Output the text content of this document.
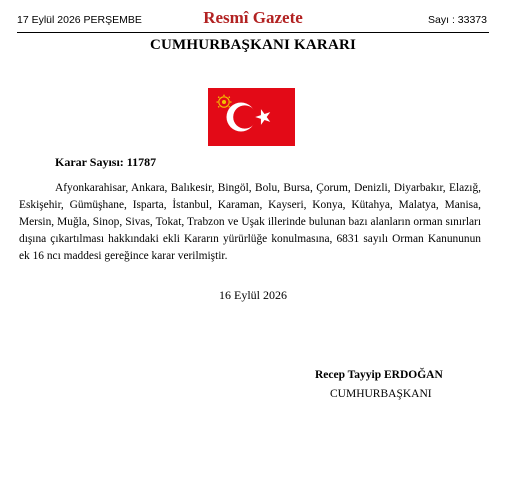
17 Eylül 2026 PERŞEMBE	Resmî Gazete	Sayı : 33373
CUMHURBAŞKANI KARARI
Karar Sayısı: 11787

Afyonkarahisar, Ankara, Balıkesir, Bingöl, Bolu, Bursa, Çorum, Denizli, Diyarbakır, Elazığ, Eskişehir, Gümüşhane, Isparta, İstanbul, Karaman, Kayseri, Konya, Kütahya, Malatya, Manisa, Mersin, Muğla, Sinop, Sivas, Tokat, Trabzon ve Uşak illerinde bulunan bazı alanların orman sınırları dışına çıkartılması hakkındaki ekli Kararın yürürlüğe konulmasına, 6831 sayılı Orman Kanununun ek 16 ncı maddesi gereğince karar verilmiştir.

16 Eylül 2026
Recep Tayyip ERDOĞAN
CUMHURBAŞKANI
